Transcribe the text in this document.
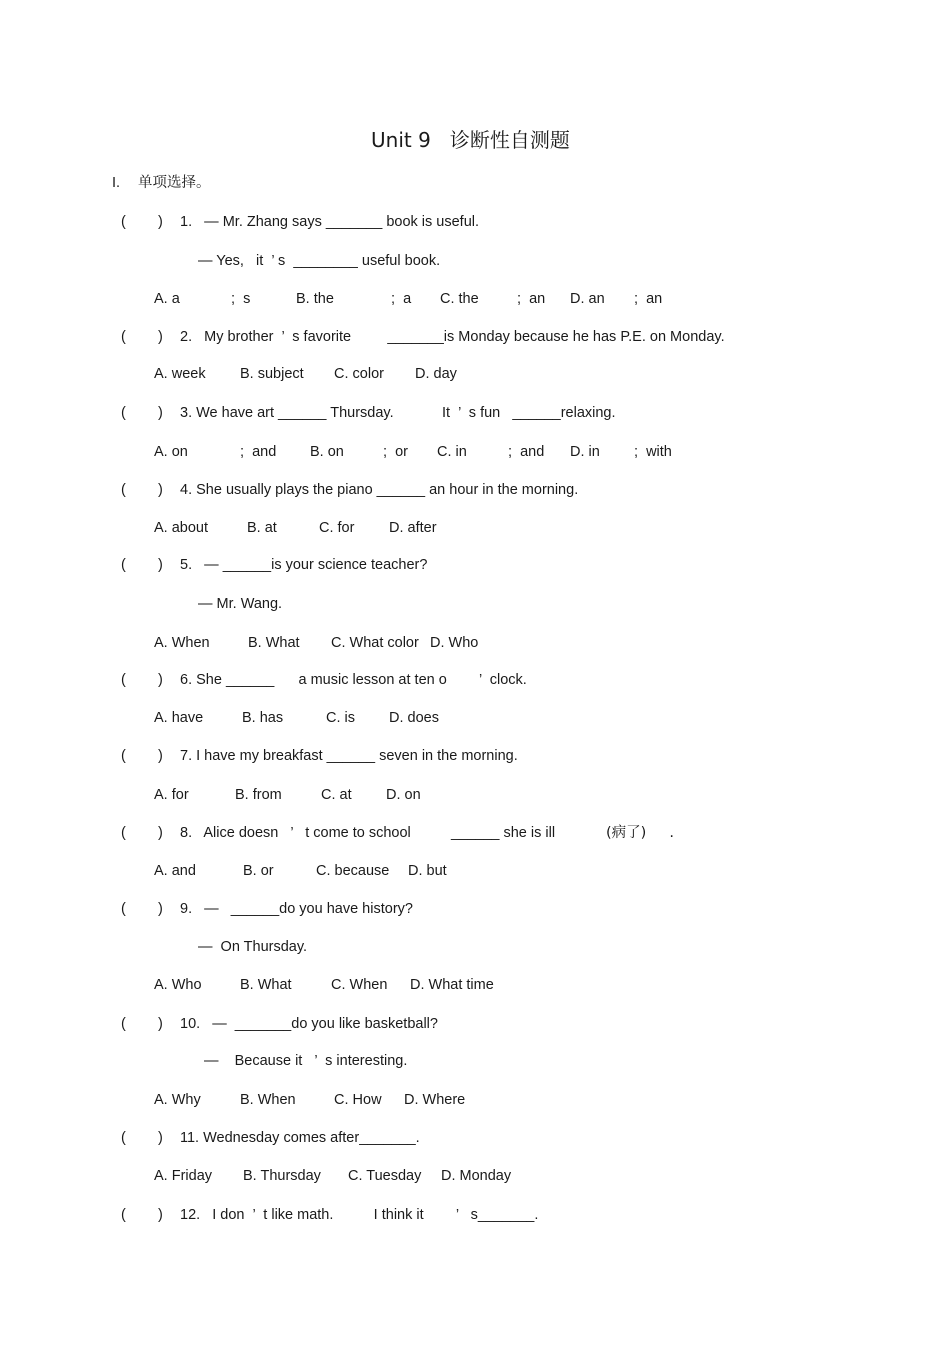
Unit 9   诊断性自测题
I. 单项选择。
(        ) 1.   — Mr. Zhang says _______ book is useful.
— Yes,   it  ’ s  ________ useful book.
A. a	;  s	B. the	;  a C. the	;  an D. an ;  an
(        ) 2.   My brother  ’  s favorite         _______is Monday because he has P.E. on Monday.
A. week B. subject C. color D. day
(        ) 3. We have art ______ Thursday.            It  ’  s fun   ______relaxing.
A. on	;  and B. on	;  or C. in	;  and D. in ;  with
(        ) 4. She usually plays the piano ______ an hour in the morning.
A. about	B. at	C. for D. after
(        ) 5.   — ______is your science teacher?
— Mr. Wang.
A. When	B. What C. What color D. Who
(        ) 6. She ______      a music lesson at ten o        ’  clock.
A. have	B. has	C. is D. does
(        ) 7. I have my breakfast ______ seven in the morning.
A. for	B. from	C. at D. on
(        ) 8.   Alice doesn   ’   t come to school          ______ she is ill	(病了)     .
A. and	B. or	C. because D. but
(        ) 9.   —   ______do you have history?
—  On Thursday.
A. Who	B. What	C. When D. What time
(        ) 10.   —  _______do you like basketball?
—    Because it   ’  s interesting.
A. Why	B. When	C. How D. Where
(        ) 11. Wednesday comes after_______.
A. Friday B. Thursday C. Tuesday D. Monday
(        ) 12.   I don  ’  t like math.          I think it        ’   s_______.
